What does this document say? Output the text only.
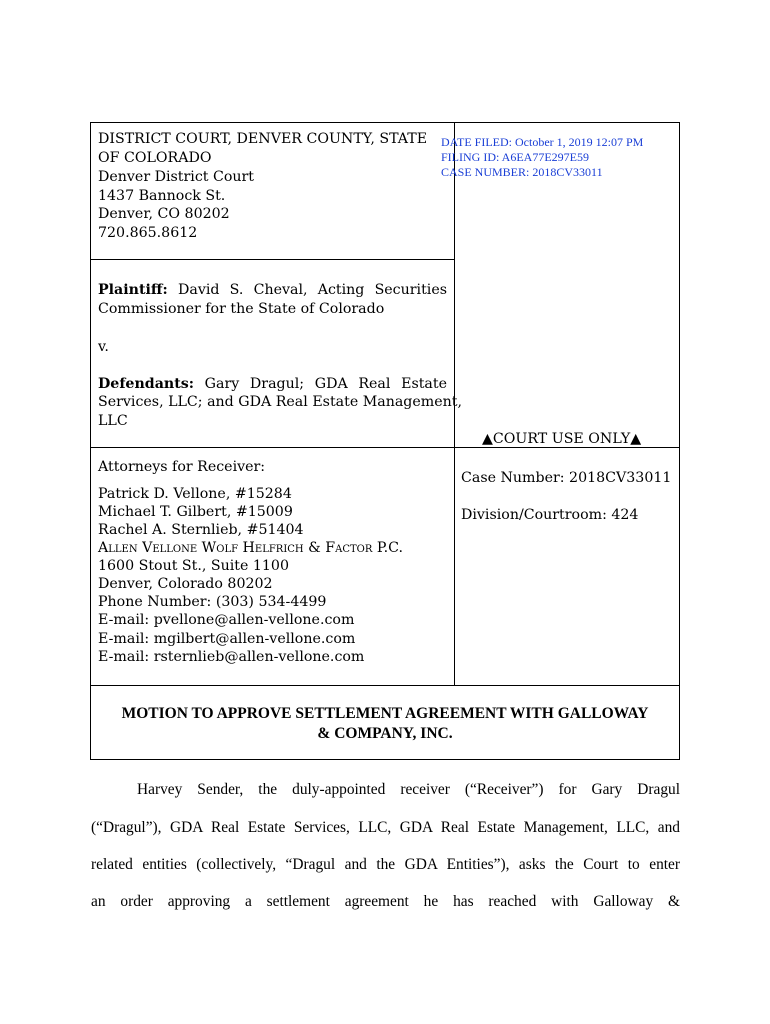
DISTRICT COURT, DENVER COUNTY, STATE
OF COLORADO
Denver District Court
1437 Bannock St.
Denver, CO 80202
720.865.8612
DATE FILED: October 1, 2019 12:07 PM
FILING ID: A6EA77E297E59
CASE NUMBER: 2018CV33011
Plaintiff: David S. Cheval, Acting Securities
Commissioner for the State of Colorado
v.
Defendants: Gary Dragul; GDA Real Estate
Services, LLC; and GDA Real Estate Management,
LLC
▲COURT USE ONLY▲
Attorneys for Receiver:
Patrick D. Vellone, #15284
Michael T. Gilbert, #15009
Rachel A. Sternlieb, #51404
Allen Vellone Wolf Helfrich & Factor P.C.
1600 Stout St., Suite 1100
Denver, Colorado 80202
Phone Number: (303) 534-4499
E-mail: pvellone@allen-vellone.com
E-mail: mgilbert@allen-vellone.com
E-mail: rsternlieb@allen-vellone.com
Case Number: 2018CV33011
Division/Courtroom: 424
MOTION TO APPROVE SETTLEMENT AGREEMENT WITH GALLOWAY
& COMPANY, INC.
Harvey Sender, the duly-appointed receiver (“Receiver”) for Gary Dragul
(“Dragul”), GDA Real Estate Services, LLC, GDA Real Estate Management, LLC, and
related entities (collectively, “Dragul and the GDA Entities”), asks the Court to enter
an order approving a settlement agreement he has reached with Galloway &
